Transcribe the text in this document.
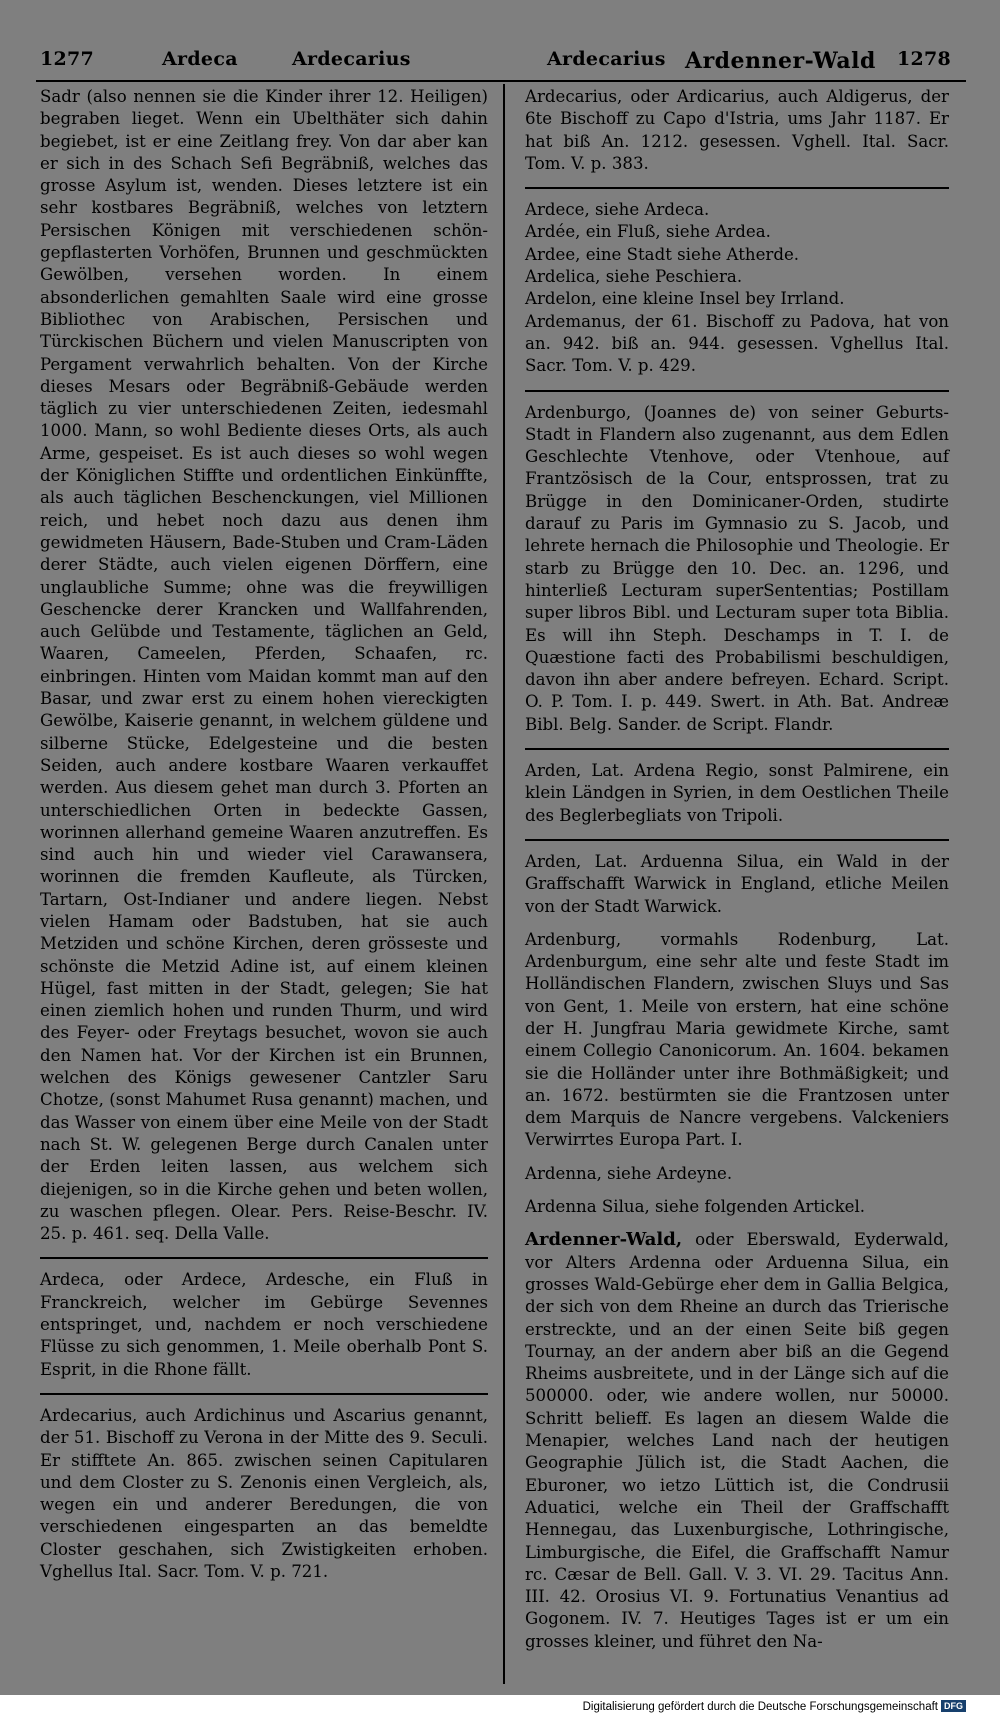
1277	Ardeca	Ardecarius	Ardecarius Ardenner-Wald 1278

Sadr (also nennen sie die Kinder ihrer 12. Heiligen) begraben lieget. Wenn ein Ubelthäter sich dahin begiebet, ist er eine Zeitlang frey. Von dar aber kan er sich in des Schach Sefi Begräbniß, welches das grosse Asylum ist, wenden. Dieses letztere ist ein sehr kostbares Begräbniß, welches von letztern Persischen Königen mit verschiedenen schön-gepflasterten Vorhöfen, Brunnen und geschmückten Gewölben, versehen worden. In einem absonderlichen gemahlten Saale wird eine grosse Bibliothec von Arabischen, Persischen und Türckischen Büchern und vielen Manuscripten von Pergament verwahrlich behalten. Von der Kirche dieses Mesars oder Begräbniß-Gebäude werden täglich zu vier unterschiedenen Zeiten, iedesmahl 1000. Mann, so wohl Bediente dieses Orts, als auch Arme, gespeiset. Es ist auch dieses so wohl wegen der Königlichen Stiffte und ordentlichen Einkünffte, als auch täglichen Beschenckungen, viel Millionen reich, und hebet noch dazu aus denen ihm gewidmeten Häusern, Bade-Stuben und Cram-Läden derer Städte, auch vielen eigenen Dörffern, eine unglaubliche Summe; ohne was die freywilligen Geschencke derer Krancken und Wallfahrenden, auch Gelübde und Testamente, täglichen an Geld, Waaren, Cameelen, Pferden, Schaafen, rc. einbringen. Hinten vom Maidan kommt man auf den Basar, und zwar erst zu einem hohen viereckigten Gewölbe, Kaiserie genannt, in welchem güldene und silberne Stücke, Edelgesteine und die besten Seiden, auch andere kostbare Waaren verkauffet werden. Aus diesem gehet man durch 3. Pforten an unterschiedlichen Orten in bedeckte Gassen, worinnen allerhand gemeine Waaren anzutreffen. Es sind auch hin und wieder viel Carawansera, worinnen die fremden Kaufleute, als Türcken, Tartarn, Ost-Indianer und andere liegen. Nebst vielen Hamam oder Badstuben, hat sie auch Metziden und schöne Kirchen, deren grösseste und schönste die Metzid Adine ist, auf einem kleinen Hügel, fast mitten in der Stadt, gelegen; Sie hat einen ziemlich hohen und runden Thurm, und wird des Feyer- oder Freytags besuchet, wovon sie auch den Namen hat. Vor der Kirchen ist ein Brunnen, welchen des Königs gewesener Cantzler Saru Chotze, (sonst Mahumet Rusa genannt) machen, und das Wasser von einem über eine Meile von der Stadt nach St. W. gelegenen Berge durch Canalen unter der Erden leiten lassen, aus welchem sich diejenigen, so in die Kirche gehen und beten wollen, zu waschen pflegen. Olear. Pers. Reise-Beschr. IV. 25. p. 461. seq. Della Valle.

Ardeca, oder Ardece, Ardesche, ein Fluß in Franckreich, welcher im Gebürge Sevennes entspringet, und, nachdem er noch verschiedene Flüsse zu sich genommen, 1. Meile oberhalb Pont S. Esprit, in die Rhone fällt.

Ardecarius, auch Ardichinus und Ascarius genannt, der 51. Bischoff zu Verona in der Mitte des 9. Seculi. Er stifftete An. 865. zwischen seinen Capitularen und dem Closter zu S. Zenonis einen Vergleich, als, wegen ein und anderer Beredungen, die von verschiedenen eingesparten an das bemeldte Closter geschahen, sich Zwistigkeiten erhoben. Vghellus Ital. Sacr. Tom. V. p. 721.

Ardecarius, oder Ardicarius, auch Aldigerus, der 6te Bischoff zu Capo d'Istria, ums Jahr 1187. Er hat biß An. 1212. gesessen. Vghell. Ital. Sacr. Tom. V. p. 383.

Ardece, siehe Ardeca.

Ardée, ein Fluß, siehe Ardea.

Ardee, eine Stadt siehe Atherde.

Ardelica, siehe Peschiera.

Ardelon, eine kleine Insel bey Irrland.

Ardemanus, der 61. Bischoff zu Padova, hat von an. 942. biß an. 944. gesessen. Vghellus Ital. Sacr. Tom. V. p. 429.

Ardenburgo, (Joannes de) von seiner Geburts-Stadt in Flandern also zugenannt, aus dem Edlen Geschlechte Vtenhove, oder Vtenhoue, auf Frantzösisch de la Cour, entsprossen, trat zu Brügge in den Dominicaner-Orden, studirte darauf zu Paris im Gymnasio zu S. Jacob, und lehrete hernach die Philosophie und Theologie. Er starb zu Brügge den 10. Dec. an. 1296, und hinterließ Lecturam superSententias; Postillam super libros Bibl. und Lecturam super tota Biblia. Es will ihn Steph. Deschamps in T. I. de Quæstione facti des Probabilismi beschuldigen, davon ihn aber andere befreyen. Echard. Script. O. P. Tom. I. p. 449. Swert. in Ath. Bat. Andreæ Bibl. Belg. Sander. de Script. Flandr.

Arden, Lat. Ardena Regio, sonst Palmirene, ein klein Ländgen in Syrien, in dem Oestlichen Theile des Beglerbegliats von Tripoli.

Arden, Lat. Arduenna Silua, ein Wald in der Graffschafft Warwick in England, etliche Meilen von der Stadt Warwick.

Ardenburg, vormahls Rodenburg, Lat. Ardenburgum, eine sehr alte und feste Stadt im Holländischen Flandern, zwischen Sluys und Sas von Gent, 1. Meile von erstern, hat eine schöne der H. Jungfrau Maria gewidmete Kirche, samt einem Collegio Canonicorum. An. 1604. bekamen sie die Holländer unter ihre Bothmäßigkeit; und an. 1672. bestürmten sie die Frantzosen unter dem Marquis de Nancre vergebens. Valckeniers Verwirrtes Europa Part. I.

Ardenna, siehe Ardeyne.

Ardenna Silua, siehe folgenden Artickel.

Ardenner-Wald, oder Eberswald, Eyderwald, vor Alters Ardenna oder Arduenna Silua, ein grosses Wald-Gebürge eher dem in Gallia Belgica, der sich von dem Rheine an durch das Trierische erstreckte, und an der einen Seite biß gegen Tournay, an der andern aber biß an die Gegend Rheims ausbreitete, und in der Länge sich auf die 500000. oder, wie andere wollen, nur 50000. Schritt belieff. Es lagen an diesem Walde die Menapier, welches Land nach der heutigen Geographie Jülich ist, die Stadt Aachen, die Eburoner, wo ietzo Lüttich ist, die Condrusii Aduatici, welche ein Theil der Graffschafft Hennegau, das Luxenburgische, Lothringische, Limburgische, die Eifel, die Graffschafft Namur rc. Cæsar de Bell. Gall. V. 3. VI. 29. Tacitus Ann. III. 42. Orosius VI. 9. Fortunatius Venantius ad Gogonem. IV. 7. Heutiges Tages ist er um ein grosses kleiner, und führet den Na-

Digitalisierung gefördert durch die Deutsche Forschungsgemeinschaft DFG
